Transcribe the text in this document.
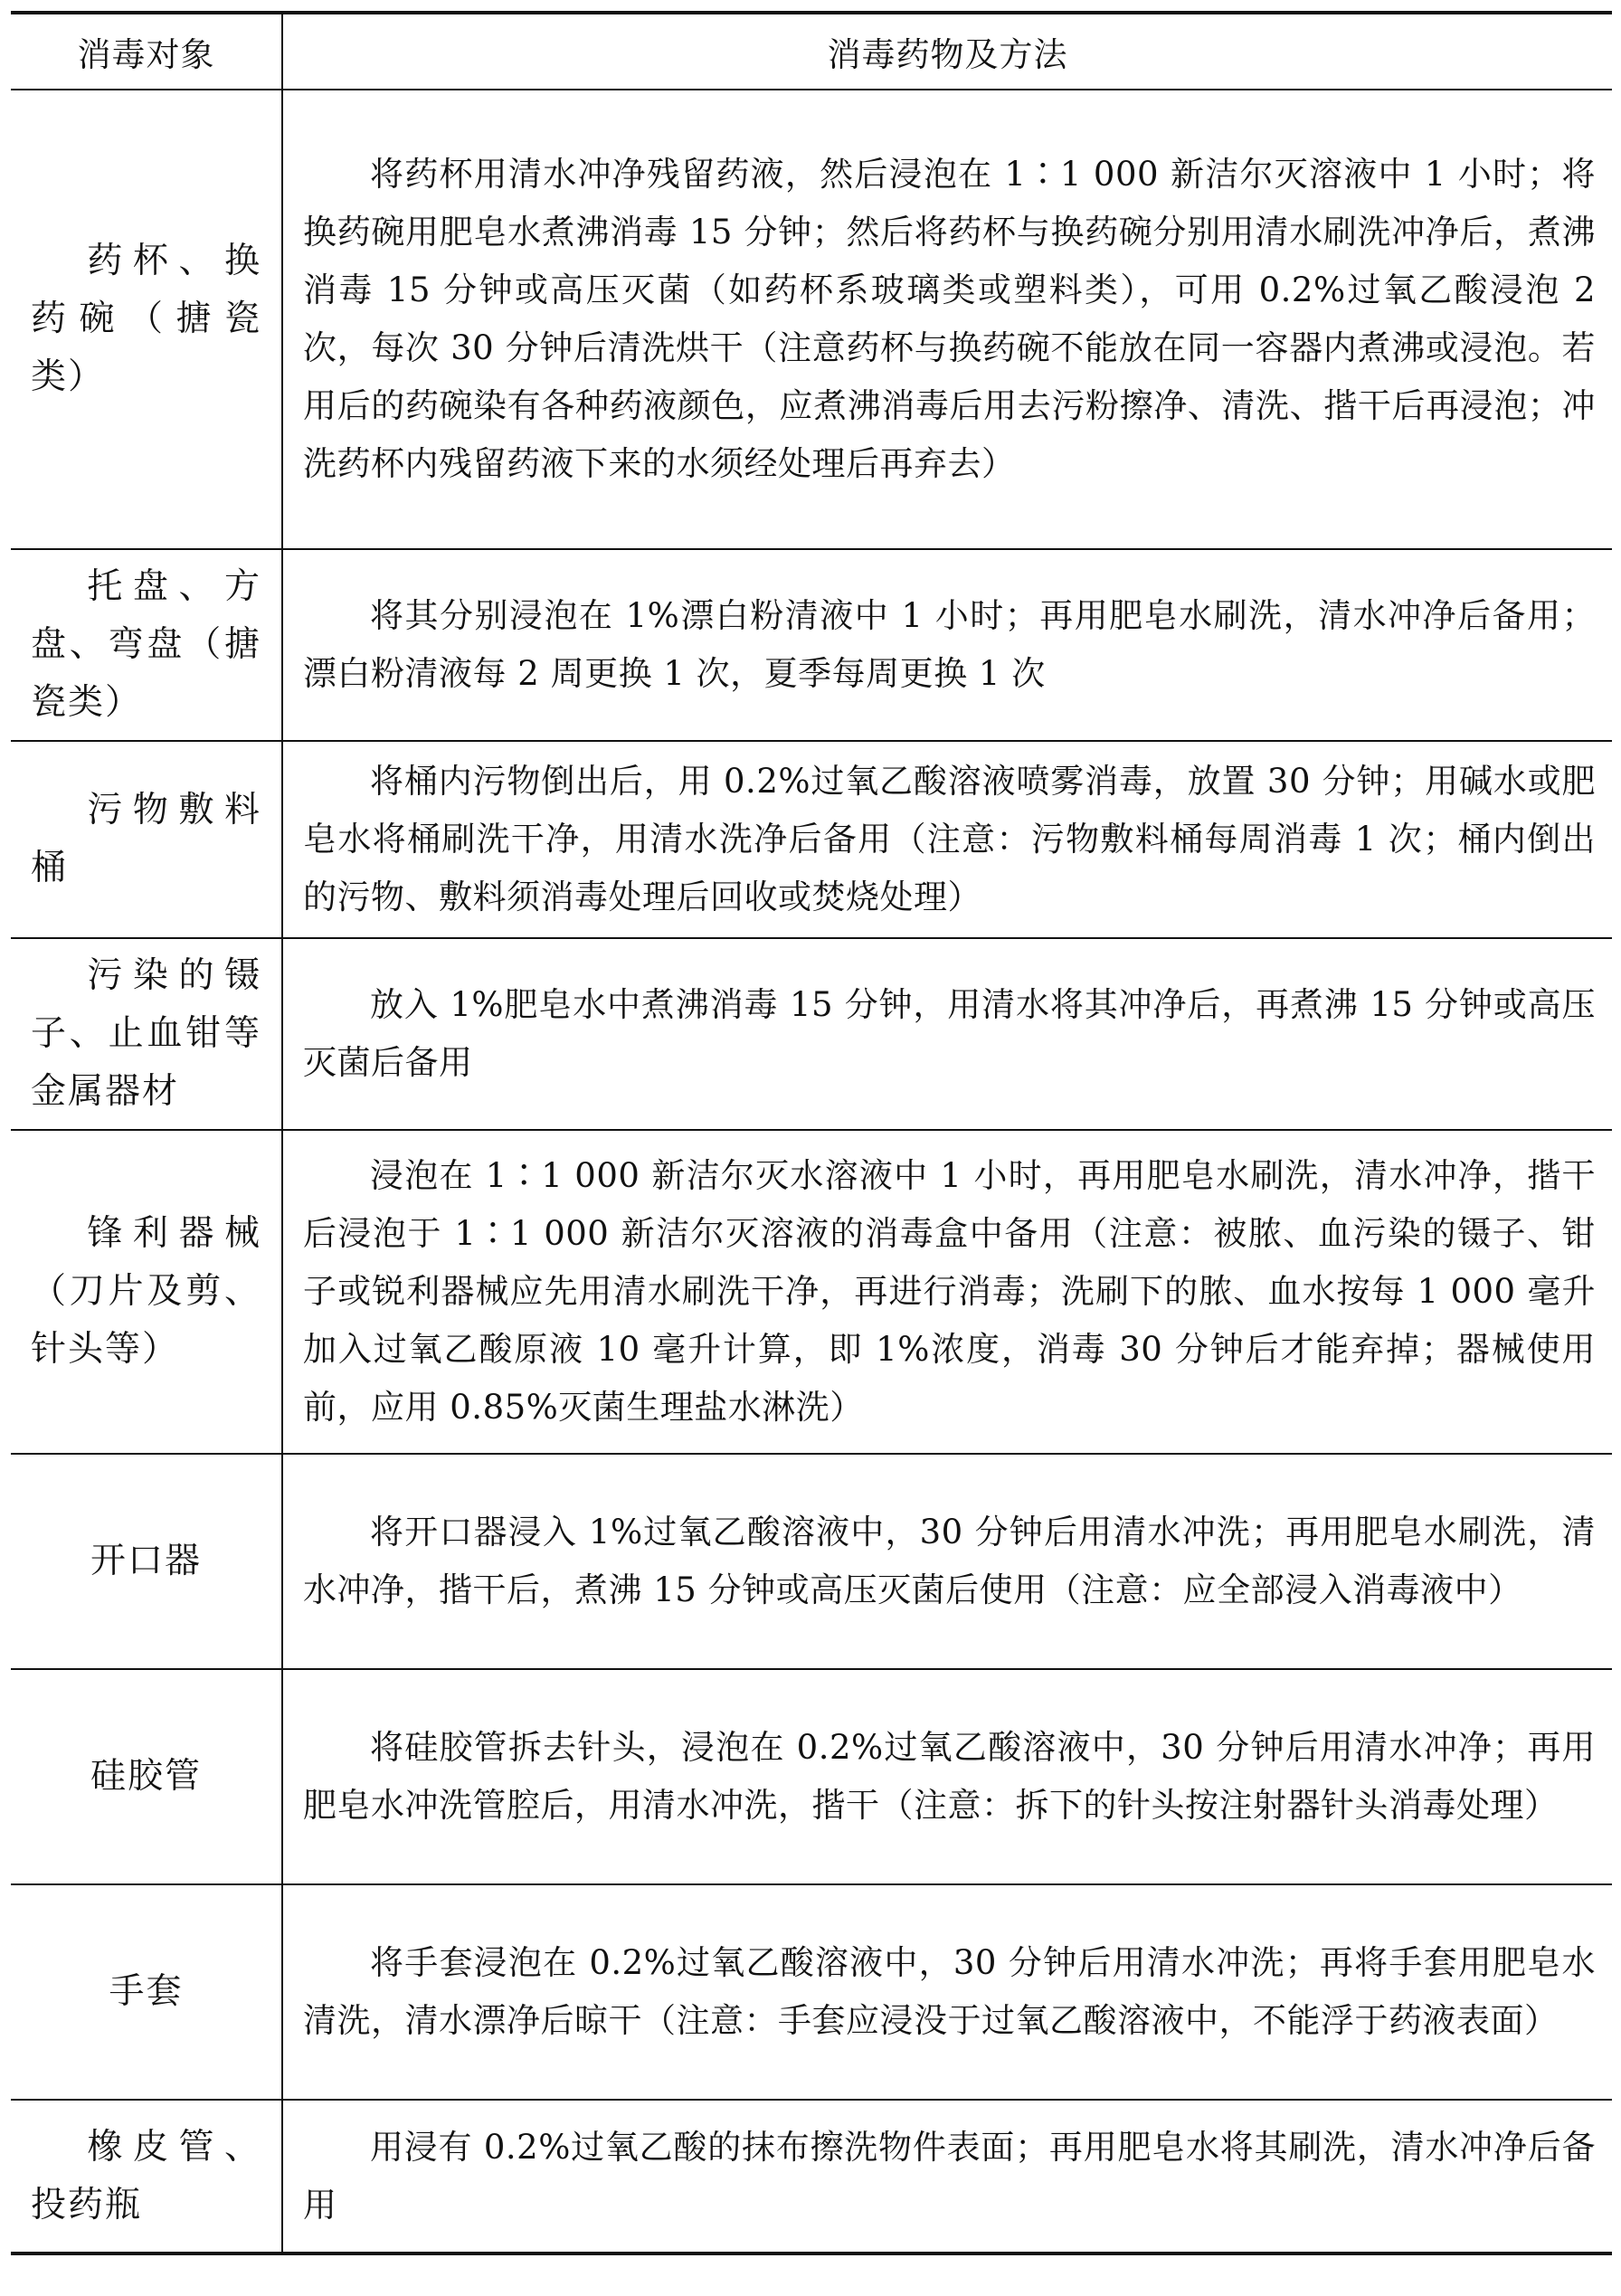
消毒对象	消毒药物及方法
药杯、换药碗（搪瓷类）	将药杯用清水冲净残留药液，然后浸泡在 1∶1 000 新洁尔灭溶液中 1 小时；将换药碗用肥皂水煮沸消毒 15 分钟；然后将药杯与换药碗分别用清水刷洗冲净后，煮沸消毒 15 分钟或高压灭菌（如药杯系玻璃类或塑料类），可用 0.2%过氧乙酸浸泡 2 次，每次 30 分钟后清洗烘干（注意药杯与换药碗不能放在同一容器内煮沸或浸泡。若用后的药碗染有各种药液颜色，应煮沸消毒后用去污粉擦净、清洗、揩干后再浸泡；冲洗药杯内残留药液下来的水须经处理后再弃去）
托盘、方盘、弯盘（搪瓷类）	将其分别浸泡在 1%漂白粉清液中 1 小时；再用肥皂水刷洗，清水冲净后备用；漂白粉清液每 2 周更换 1 次，夏季每周更换 1 次
污物敷料桶	将桶内污物倒出后，用 0.2%过氧乙酸溶液喷雾消毒，放置 30 分钟；用碱水或肥皂水将桶刷洗干净，用清水洗净后备用（注意：污物敷料桶每周消毒 1 次；桶内倒出的污物、敷料须消毒处理后回收或焚烧处理）
污染的镊子、止血钳等金属器材	放入 1%肥皂水中煮沸消毒 15 分钟，用清水将其冲净后，再煮沸 15 分钟或高压灭菌后备用
锋利器械（刀片及剪、针头等）	浸泡在 1∶1 000 新洁尔灭水溶液中 1 小时，再用肥皂水刷洗，清水冲净，揩干后浸泡于 1∶1 000 新洁尔灭溶液的消毒盒中备用（注意：被脓、血污染的镊子、钳子或锐利器械应先用清水刷洗干净，再进行消毒；洗刷下的脓、血水按每 1 000 毫升加入过氧乙酸原液 10 毫升计算，即 1%浓度，消毒 30 分钟后才能弃掉；器械使用前，应用 0.85%灭菌生理盐水淋洗）
开口器	将开口器浸入 1%过氧乙酸溶液中，30 分钟后用清水冲洗；再用肥皂水刷洗，清水冲净，揩干后，煮沸 15 分钟或高压灭菌后使用（注意：应全部浸入消毒液中）
硅胶管	将硅胶管拆去针头，浸泡在 0.2%过氧乙酸溶液中，30 分钟后用清水冲净；再用肥皂水冲洗管腔后，用清水冲洗，揩干（注意：拆下的针头按注射器针头消毒处理）
手套	将手套浸泡在 0.2%过氧乙酸溶液中，30 分钟后用清水冲洗；再将手套用肥皂水清洗，清水漂净后晾干（注意：手套应浸没于过氧乙酸溶液中，不能浮于药液表面）
橡皮管、投药瓶	用浸有 0.2%过氧乙酸的抹布擦洗物件表面；再用肥皂水将其刷洗，清水冲净后备用
